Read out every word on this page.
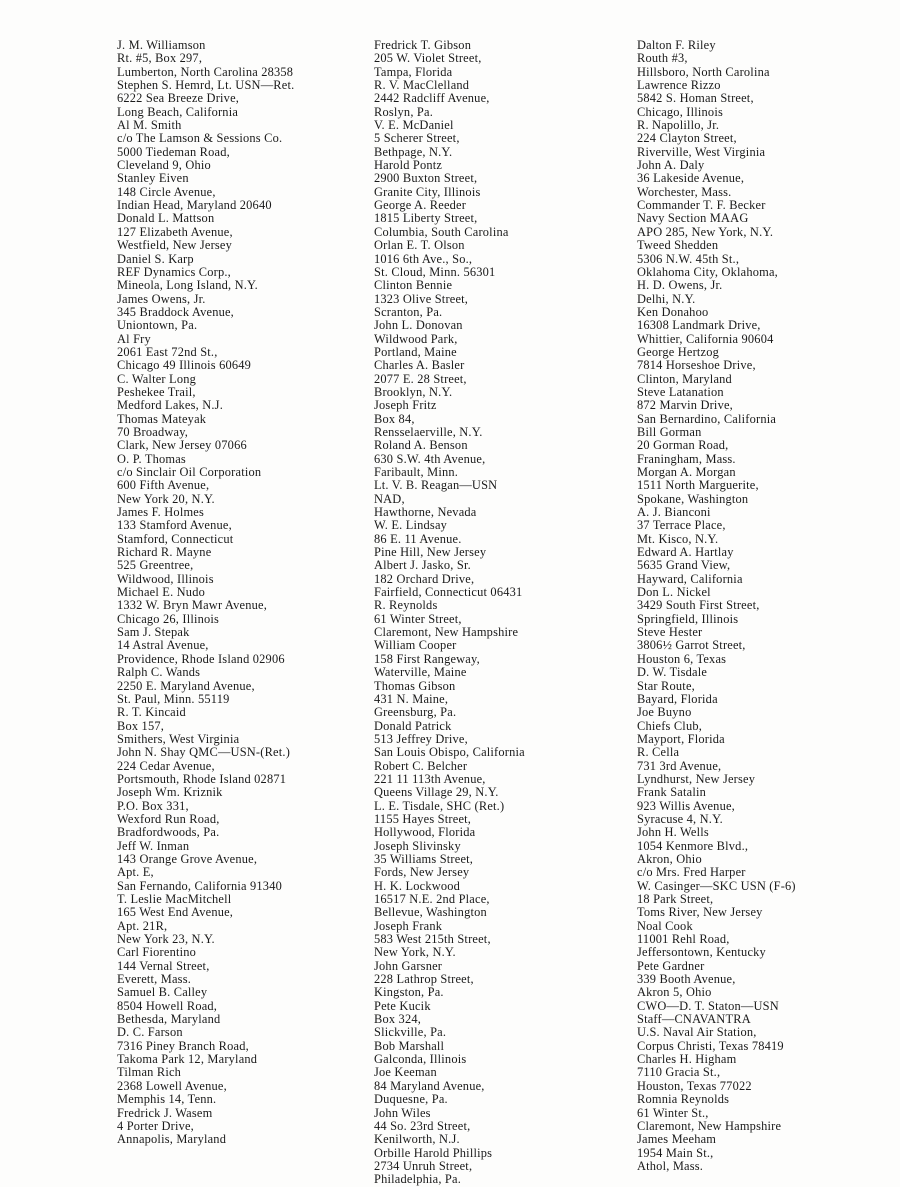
J. M. Williamson
Rt. #5, Box 297,
Lumberton, North Carolina 28358
Stephen S. Hemrd, Lt. USN—Ret.
6222 Sea Breeze Drive,
Long Beach, California
Al M. Smith
c/o The Lamson & Sessions Co.
5000 Tiedeman Road,
Cleveland 9, Ohio
Stanley Eiven
148 Circle Avenue,
Indian Head, Maryland 20640
Donald L. Mattson
127 Elizabeth Avenue,
Westfield, New Jersey
Daniel S. Karp
REF Dynamics Corp.,
Mineola, Long Island, N.Y.
James Owens, Jr.
345 Braddock Avenue,
Uniontown, Pa.
Al Fry
2061 East 72nd St.,
Chicago 49 Illinois 60649
C. Walter Long
Peshekee Trail,
Medford Lakes, N.J.
Thomas Mateyak
70 Broadway,
Clark, New Jersey 07066
O. P. Thomas
c/o Sinclair Oil Corporation
600 Fifth Avenue,
New York 20, N.Y.
James F. Holmes
133 Stamford Avenue,
Stamford, Connecticut
Richard R. Mayne
525 Greentree,
Wildwood, Illinois
Michael E. Nudo
1332 W. Bryn Mawr Avenue,
Chicago 26, Illinois
Sam J. Stepak
14 Astral Avenue,
Providence, Rhode Island 02906
Ralph C. Wands
2250 E. Maryland Avenue,
St. Paul, Minn. 55119
R. T. Kincaid
Box 157,
Smithers, West Virginia
John N. Shay QMC—USN-(Ret.)
224 Cedar Avenue,
Portsmouth, Rhode Island 02871
Joseph Wm. Kriznik
P.O. Box 331,
Wexford Run Road,
Bradfordwoods, Pa.
Jeff W. Inman
143 Orange Grove Avenue,
Apt. E,
San Fernando, California 91340
T. Leslie MacMitchell
165 West End Avenue,
Apt. 21R,
New York 23, N.Y.
Carl Fiorentino
144 Vernal Street,
Everett, Mass.
Samuel B. Calley
8504 Howell Road,
Bethesda, Maryland
D. C. Farson
7316 Piney Branch Road,
Takoma Park 12, Maryland
Tilman Rich
2368 Lowell Avenue,
Memphis 14, Tenn.
Fredrick J. Wasem
4 Porter Drive,
Annapolis, Maryland
Fredrick T. Gibson
205 W. Violet Street,
Tampa, Florida
R. V. MacClelland
2442 Radcliff Avenue,
Roslyn, Pa.
V. E. McDaniel
5 Scherer Street,
Bethpage, N.Y.
Harold Pontz
2900 Buxton Street,
Granite City, Illinois
George A. Reeder
1815 Liberty Street,
Columbia, South Carolina
Orlan E. T. Olson
1016 6th Ave., So.,
St. Cloud, Minn. 56301
Clinton Bennie
1323 Olive Street,
Scranton, Pa.
John L. Donovan
Wildwood Park,
Portland, Maine
Charles A. Basler
2077 E. 28 Street,
Brooklyn, N.Y.
Joseph Fritz
Box 84,
Rensselaerville, N.Y.
Roland A. Benson
630 S.W. 4th Avenue,
Faribault, Minn.
Lt. V. B. Reagan—USN
NAD,
Hawthorne, Nevada
W. E. Lindsay
86 E. 11 Avenue.
Pine Hill, New Jersey
Albert J. Jasko, Sr.
182 Orchard Drive,
Fairfield, Connecticut 06431
R. Reynolds
61 Winter Street,
Claremont, New Hampshire
William Cooper
158 First Rangeway,
Waterville, Maine
Thomas Gibson
431 N. Maine,
Greensburg, Pa.
Donald Patrick
513 Jeffrey Drive,
San Louis Obispo, California
Robert C. Belcher
221 11 113th Avenue,
Queens Village 29, N.Y.
L. E. Tisdale, SHC (Ret.)
1155 Hayes Street,
Hollywood, Florida
Joseph Slivinsky
35 Williams Street,
Fords, New Jersey
H. K. Lockwood
16517 N.E. 2nd Place,
Bellevue, Washington
Joseph Frank
583 West 215th Street,
New York, N.Y.
John Garsner
228 Lathrop Street,
Kingston, Pa.
Pete Kucik
Box 324,
Slickville, Pa.
Bob Marshall
Galconda, Illinois
Joe Keeman
84 Maryland Avenue,
Duquesne, Pa.
John Wiles
44 So. 23rd Street,
Kenilworth, N.J.
Orbille Harold Phillips
2734 Unruh Street,
Philadelphia, Pa.
Dalton F. Riley
Routh #3,
Hillsboro, North Carolina
Lawrence Rizzo
5842 S. Homan Street,
Chicago, Illinois
R. Napolillo, Jr.
224 Clayton Street,
Riverville, West Virginia
John A. Daly
36 Lakeside Avenue,
Worchester, Mass.
Commander T. F. Becker
Navy Section MAAG
APO 285, New York, N.Y.
Tweed Shedden
5306 N.W. 45th St.,
Oklahoma City, Oklahoma,
H. D. Owens, Jr.
Delhi, N.Y.
Ken Donahoo
16308 Landmark Drive,
Whittier, California 90604
George Hertzog
7814 Horseshoe Drive,
Clinton, Maryland
Steve Latanation
872 Marvin Drive,
San Bernardino, California
Bill Gorman
20 Gorman Road,
Franingham, Mass.
Morgan A. Morgan
1511 North Marguerite,
Spokane, Washington
A. J. Bianconi
37 Terrace Place,
Mt. Kisco, N.Y.
Edward A. Hartlay
5635 Grand View,
Hayward, California
Don L. Nickel
3429 South First Street,
Springfield, Illinois
Steve Hester
3806½ Garrot Street,
Houston 6, Texas
D. W. Tisdale
Star Route,
Bayard, Florida
Joe Buyno
Chiefs Club,
Mayport, Florida
R. Cella
731 3rd Avenue,
Lyndhurst, New Jersey
Frank Satalin
923 Willis Avenue,
Syracuse 4, N.Y.
John H. Wells
1054 Kenmore Blvd.,
Akron, Ohio
c/o Mrs. Fred Harper
W. Casinger—SKC USN (F-6)
18 Park Street,
Toms River, New Jersey
Noal Cook
11001 Rehl Road,
Jeffersontown, Kentucky
Pete Gardner
339 Booth Avenue,
Akron 5, Ohio
CWO—D. T. Staton—USN
Staff—CNAVANTRA
U.S. Naval Air Station,
Corpus Christi, Texas 78419
Charles H. Higham
7110 Gracia St.,
Houston, Texas 77022
Romnia Reynolds
61 Winter St.,
Claremont, New Hampshire
James Meeham
1954 Main St.,
Athol, Mass.
